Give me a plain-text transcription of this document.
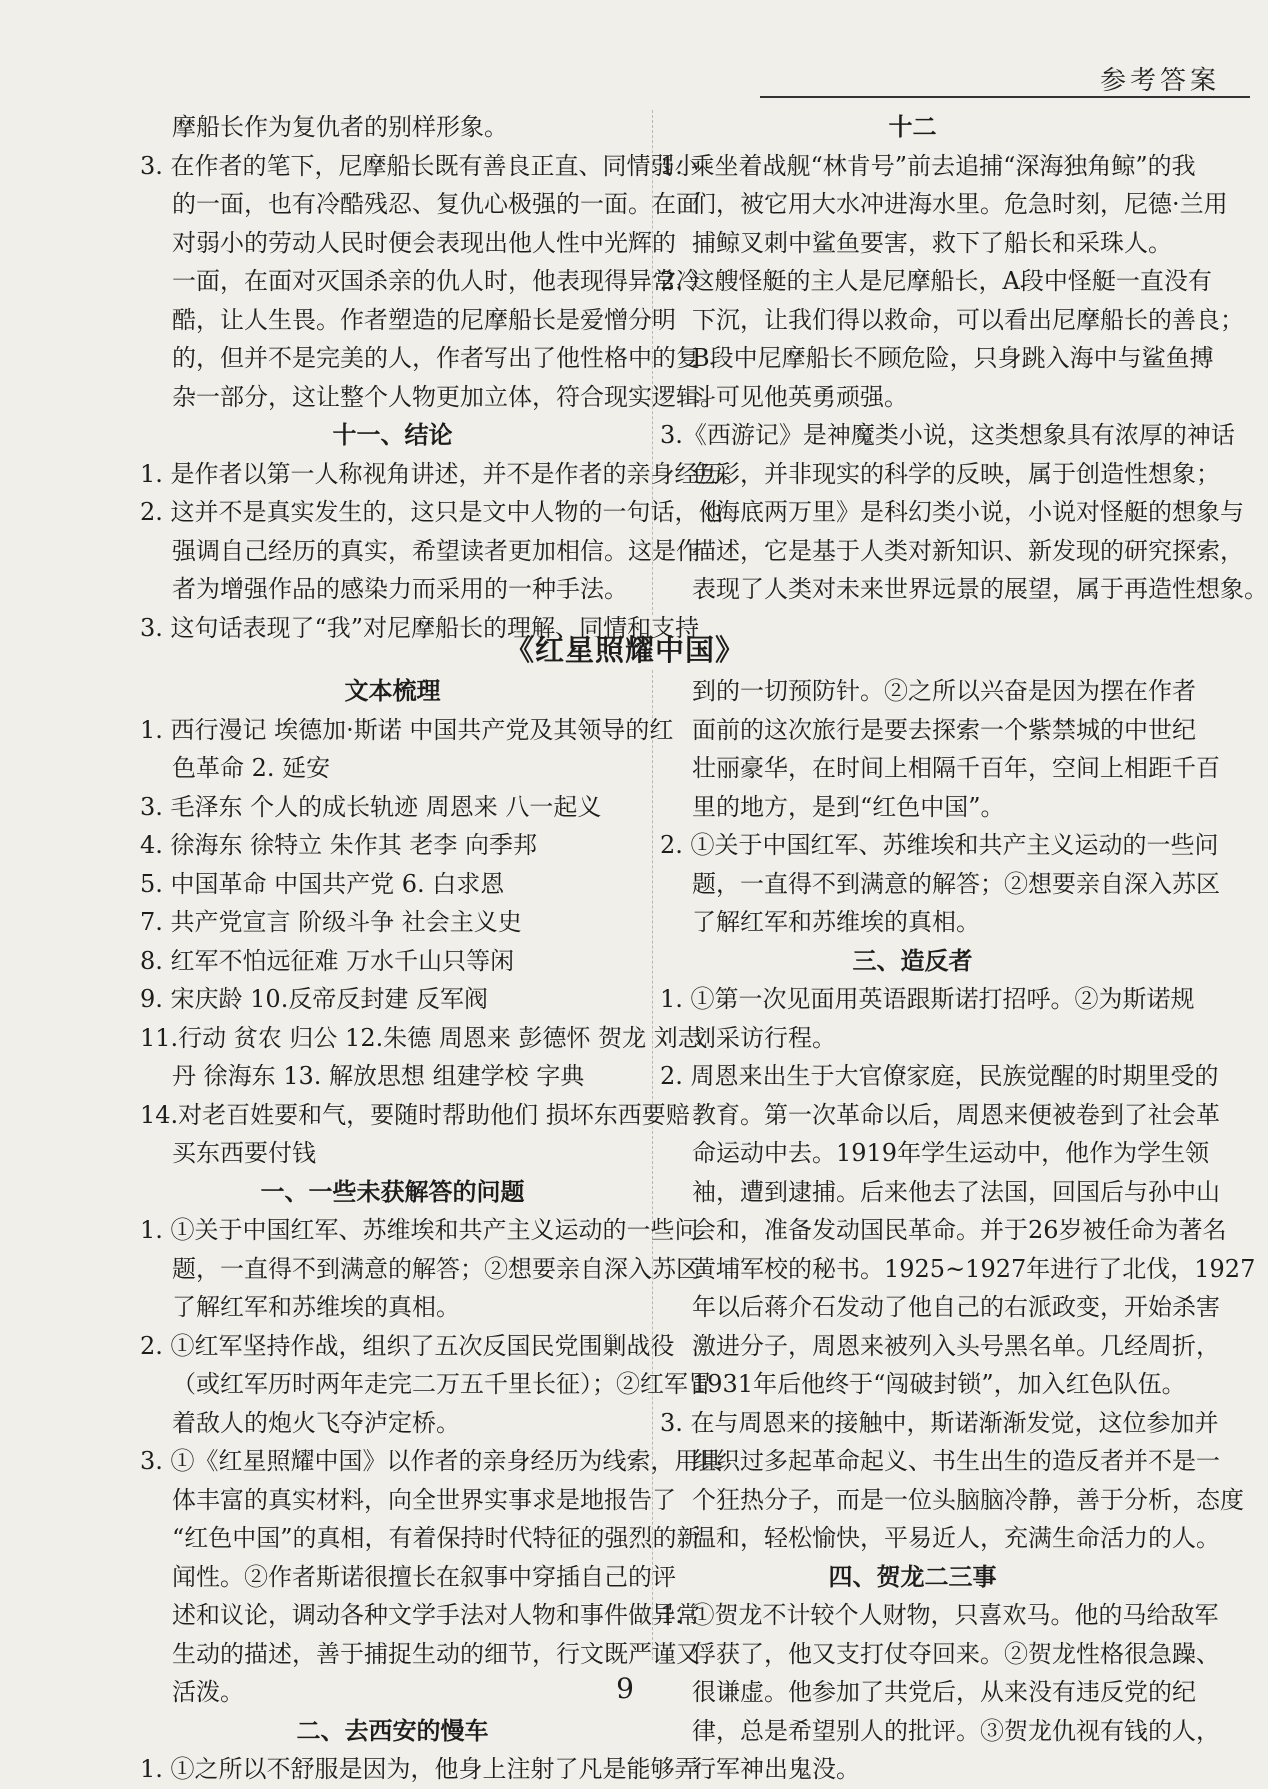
参考答案
摩船长作为复仇者的别样形象。
3. 在作者的笔下，尼摩船长既有善良正直、同情弱小
的一面，也有冷酷残忍、复仇心极强的一面。在面
对弱小的劳动人民时便会表现出他人性中光辉的
一面，在面对灭国杀亲的仇人时，他表现得异常冷
酷，让人生畏。作者塑造的尼摩船长是爱憎分明
的，但并不是完美的人，作者写出了他性格中的复
杂一部分，这让整个人物更加立体，符合现实逻辑。
十一、结论
1. 是作者以第一人称视角讲述，并不是作者的亲身经历。
2. 这并不是真实发生的，这只是文中人物的一句话，他
强调自己经历的真实，希望读者更加相信。这是作
者为增强作品的感染力而采用的一种手法。
3. 这句话表现了“我”对尼摩船长的理解、同情和支持
十二
1. 乘坐着战舰“林肯号”前去追捕“深海独角鲸”的我
们，被它用大水冲进海水里。危急时刻，尼德·兰用
捕鲸叉刺中鲨鱼要害，救下了船长和采珠人。
2. 这艘怪艇的主人是尼摩船长，A段中怪艇一直没有
下沉，让我们得以救命，可以看出尼摩船长的善良；
B段中尼摩船长不顾危险，只身跳入海中与鲨鱼搏
斗可见他英勇顽强。
3.《西游记》是神魔类小说，这类想象具有浓厚的神话
色彩，并非现实的科学的反映，属于创造性想象；
《海底两万里》是科幻类小说，小说对怪艇的想象与
描述，它是基于人类对新知识、新发现的研究探索，
表现了人类对未来世界远景的展望，属于再造性想象。
《红星照耀中国》
文本梳理
1. 西行漫记 埃德加·斯诺 中国共产党及其领导的红
色革命 2. 延安
3. 毛泽东 个人的成长轨迹 周恩来 八一起义
4. 徐海东 徐特立 朱作其 老李 向季邦
5. 中国革命 中国共产党 6. 白求恩
7. 共产党宣言 阶级斗争 社会主义史
8. 红军不怕远征难 万水千山只等闲
9. 宋庆龄 10.反帝反封建 反军阀
11.行动 贫农 归公 12.朱德 周恩来 彭德怀 贺龙 刘志
丹 徐海东 13. 解放思想 组建学校 字典
14.对老百姓要和气，要随时帮助他们 损坏东西要赔
买东西要付钱
一、一些未获解答的问题
1. ①关于中国红军、苏维埃和共产主义运动的一些问
题，一直得不到满意的解答；②想要亲自深入苏区
了解红军和苏维埃的真相。
2. ①红军坚持作战，组织了五次反国民党围剿战役
（或红军历时两年走完二万五千里长征）；②红军冒
着敌人的炮火飞夺泸定桥。
3. ①《红星照耀中国》以作者的亲身经历为线索，用具
体丰富的真实材料，向全世界实事求是地报告了
“红色中国”的真相，有着保持时代特征的强烈的新
闻性。②作者斯诺很擅长在叙事中穿插自己的评
述和议论，调动各种文学手法对人物和事件做异常
生动的描述，善于捕捉生动的细节，行文既严谨又
活泼。
二、去西安的慢车
1. ①之所以不舒服是因为，他身上注射了凡是能够弄
到的一切预防针。②之所以兴奋是因为摆在作者
面前的这次旅行是要去探索一个紫禁城的中世纪
壮丽豪华，在时间上相隔千百年，空间上相距千百
里的地方，是到“红色中国”。
2. ①关于中国红军、苏维埃和共产主义运动的一些问
题，一直得不到满意的解答；②想要亲自深入苏区
了解红军和苏维埃的真相。
三、造反者
1. ①第一次见面用英语跟斯诺打招呼。②为斯诺规
划采访行程。
2. 周恩来出生于大官僚家庭，民族觉醒的时期里受的
教育。第一次革命以后，周恩来便被卷到了社会革
命运动中去。1919年学生运动中，他作为学生领
袖，遭到逮捕。后来他去了法国，回国后与孙中山
会和，准备发动国民革命。并于26岁被任命为著名
黄埔军校的秘书。1925~1927年进行了北伐，1927
年以后蒋介石发动了他自己的右派政变，开始杀害
激进分子，周恩来被列入头号黑名单。几经周折，
1931年后他终于“闯破封锁”，加入红色队伍。
3. 在与周恩来的接触中，斯诺渐渐发觉，这位参加并
组织过多起革命起义、书生出生的造反者并不是一
个狂热分子，而是一位头脑脑冷静，善于分析，态度
温和，轻松愉快，平易近人，充满生命活力的人。
四、贺龙二三事
1. ①贺龙不计较个人财物，只喜欢马。他的马给敌军
俘获了，他又支打仗夺回来。②贺龙性格很急躁、
很谦虚。他参加了共党后，从来没有违反党的纪
律，总是希望别人的批评。③贺龙仇视有钱的人，
行军神出鬼没。
9
